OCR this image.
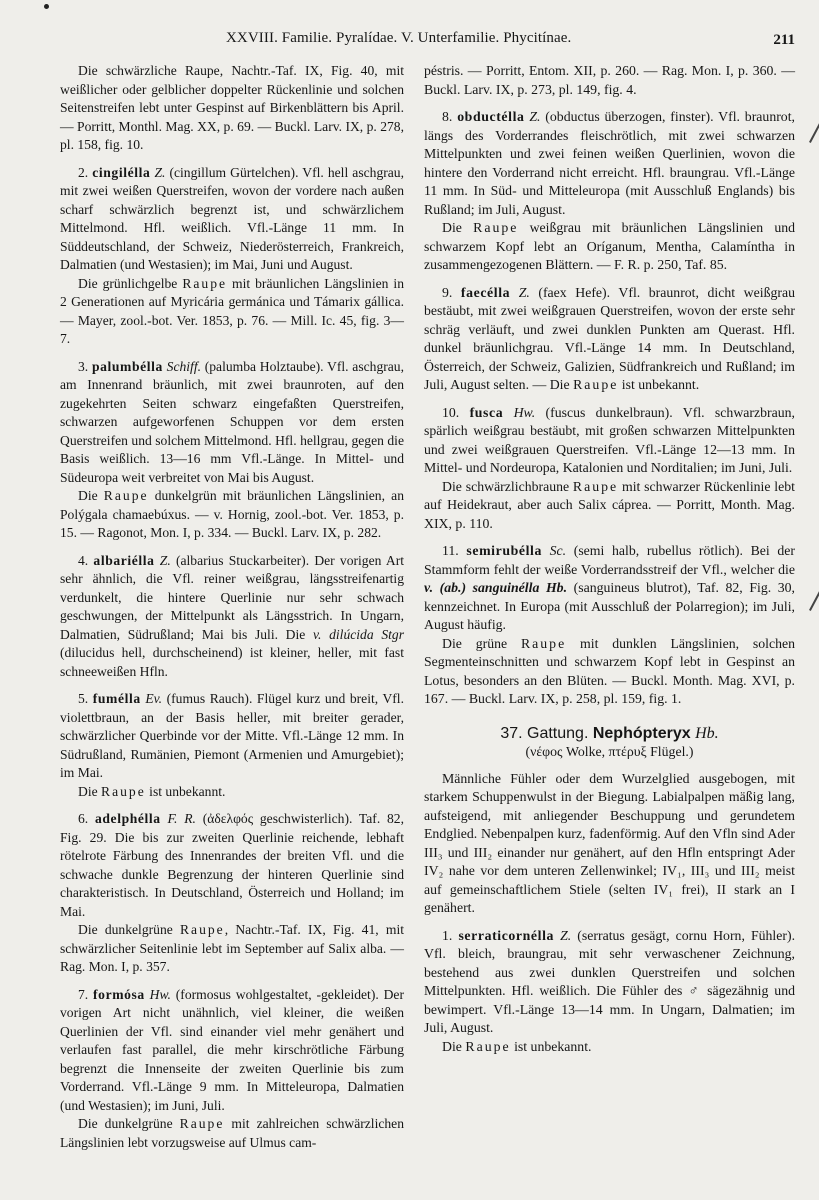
XXVIII. Familie. Pyralídae. V. Unterfamilie. Phycitínae.	211

Die schwärzliche Raupe, Nachtr.-Taf. IX, Fig. 40, mit weißlicher oder gelblicher doppelter Rückenlinie und solchen Seitenstreifen lebt unter Gespinst auf Birkenblättern bis April. — Porritt, Monthl. Mag. XX, p. 69. — Buckl. Larv. IX, p. 278, pl. 158, fig. 10.

2. cingilélla Z. (cingillum Gürtelchen). Vfl. hell aschgrau, mit zwei weißen Querstreifen, wovon der vordere nach außen scharf schwärzlich begrenzt ist, und schwärzlichem Mittelmond. Hfl. weißlich. Vfl.-Länge 11 mm. In Süddeutschland, der Schweiz, Niederösterreich, Frankreich, Dalmatien (und Westasien); im Mai, Juni und August.

Die grünlichgelbe Raupe mit bräunlichen Längslinien in 2 Generationen auf Myricária germánica und Támarix gállica. — Mayer, zool.-bot. Ver. 1853, p. 76. — Mill. Ic. 45, fig. 3—7.

3. palumbélla Schiff. (palumba Holztaube). Vfl. aschgrau, am Innenrand bräunlich, mit zwei braunroten, auf den zugekehrten Seiten schwarz eingefaßten Querstreifen, schwarzen aufgeworfenen Schuppen vor dem ersten Querstreifen und solchem Mittelmond. Hfl. hellgrau, gegen die Basis weißlich. 13—16 mm Vfl.-Länge. In Mittel- und Südeuropa weit verbreitet von Mai bis August.

Die Raupe dunkelgrün mit bräunlichen Längslinien, an Polýgala chamaebúxus. — v. Hornig, zool.-bot. Ver. 1853, p. 15. — Ragonot, Mon. I, p. 334. — Buckl. Larv. IX, p. 282.

4. albariélla Z. (albarius Stuckarbeiter). Der vorigen Art sehr ähnlich, die Vfl. reiner weißgrau, längsstreifenartig verdunkelt, die hintere Querlinie nur sehr schwach geschwungen, der Mittelpunkt als Längsstrich. In Ungarn, Dalmatien, Südrußland; Mai bis Juli. Die v. dilúcida Stgr (dilucidus hell, durchscheinend) ist kleiner, heller, mit fast schneeweißen Hfln.

5. fumélla Ev. (fumus Rauch). Flügel kurz und breit, Vfl. violettbraun, an der Basis heller, mit breiter gerader, schwärzlicher Querbinde vor der Mitte. Vfl.-Länge 12 mm. In Südrußland, Rumänien, Piemont (Armenien und Amurgebiet); im Mai.

Die Raupe ist unbekannt.

6. adelphélla F. R. (ἀδελφός geschwisterlich). Taf. 82, Fig. 29. Die bis zur zweiten Querlinie reichende, lebhaft rötelrote Färbung des Innenrandes der breiten Vfl. und die schwache dunkle Begrenzung der hinteren Querlinie sind charakteristisch. In Deutschland, Österreich und Holland; im Mai.

Die dunkelgrüne Raupe, Nachtr.-Taf. IX, Fig. 41, mit schwärzlicher Seitenlinie lebt im September auf Salix alba. — Rag. Mon. I, p. 357.

7. formósa Hw. (formosus wohlgestaltet, -gekleidet). Der vorigen Art nicht unähnlich, viel kleiner, die weißen Querlinien der Vfl. sind einander viel mehr genähert und verlaufen fast parallel, die mehr kirschrötliche Färbung begrenzt die Innenseite der zweiten Querlinie bis zum Vorderrand. Vfl.-Länge 9 mm. In Mitteleuropa, Dalmatien (und Westasien); im Juni, Juli.

Die dunkelgrüne Raupe mit zahlreichen schwärzlichen Längslinien lebt vorzugsweise auf Ulmus cam-

péstris. — Porritt, Entom. XII, p. 260. — Rag. Mon. I, p. 360. — Buckl. Larv. IX, p. 273, pl. 149, fig. 4.

8. obductélla Z. (obductus überzogen, finster). Vfl. braunrot, längs des Vorderrandes fleischrötlich, mit zwei schwarzen Mittelpunkten und zwei feinen weißen Querlinien, wovon die hintere den Vorderrand nicht erreicht. Hfl. braungrau. Vfl.-Länge 11 mm. In Süd- und Mitteleuropa (mit Ausschluß Englands) bis Rußland; im Juli, August.

Die Raupe weißgrau mit bräunlichen Längslinien und schwarzem Kopf lebt an Oríganum, Mentha, Calamíntha in zusammengezogenen Blättern. — F. R. p. 250, Taf. 85.

9. faecélla Z. (faex Hefe). Vfl. braunrot, dicht weißgrau bestäubt, mit zwei weißgrauen Querstreifen, wovon der erste sehr schräg verläuft, und zwei dunklen Punkten am Querast. Hfl. dunkel bräunlichgrau. Vfl.-Länge 14 mm. In Deutschland, Österreich, der Schweiz, Galizien, Südfrankreich und Rußland; im Juli, August selten. — Die Raupe ist unbekannt.

10. fusca Hw. (fuscus dunkelbraun). Vfl. schwarzbraun, spärlich weißgrau bestäubt, mit großen schwarzen Mittelpunkten und zwei weißgrauen Querstreifen. Vfl.-Länge 12—13 mm. In Mittel- und Nordeuropa, Katalonien und Norditalien; im Juni, Juli.

Die schwärzlichbraune Raupe mit schwarzer Rückenlinie lebt auf Heidekraut, aber auch Salix cáprea. — Porritt, Month. Mag. XIX, p. 110.

11. semirubélla Sc. (semi halb, rubellus rötlich). Bei der Stammform fehlt der weiße Vorderrandsstreif der Vfl., welcher die v. (ab.) sanguinélla Hb. (sanguineus blutrot), Taf. 82, Fig. 30, kennzeichnet. In Europa (mit Ausschluß der Polarregion); im Juli, August häufig.

Die grüne Raupe mit dunklen Längslinien, solchen Segmenteinschnitten und schwarzem Kopf lebt in Gespinst an Lotus, besonders an den Blüten. — Buckl. Month. Mag. XVI, p. 167. — Buckl. Larv. IX, p. 258, pl. 159, fig. 1.

37. Gattung. Nephópteryx Hb.
(νέφος Wolke, πτέρυξ Flügel.)

Männliche Fühler oder dem Wurzelglied ausgebogen, mit starkem Schuppenwulst in der Biegung. Labialpalpen mäßig lang, aufsteigend, mit anliegender Beschuppung und gerundetem Endglied. Nebenpalpen kurz, fadenförmig. Auf den Vfln sind Ader III₃ und III₂ einander nur genähert, auf den Hfln entspringt Ader IV₂ nahe vor dem unteren Zellenwinkel; IV₁, III₃ und III₂ meist auf gemeinschaftlichem Stiele (selten IV₁ frei), II stark an I genähert.

1. serraticornélla Z. (serratus gesägt, cornu Horn, Fühler). Vfl. bleich, braungrau, mit sehr verwaschener Zeichnung, bestehend aus zwei dunklen Querstreifen und solchen Mittelpunkten. Hfl. weißlich. Die Fühler des ♂ sägezähnig und bewimpert. Vfl.-Länge 13—14 mm. In Ungarn, Dalmatien; im Juli, August.

Die Raupe ist unbekannt.
